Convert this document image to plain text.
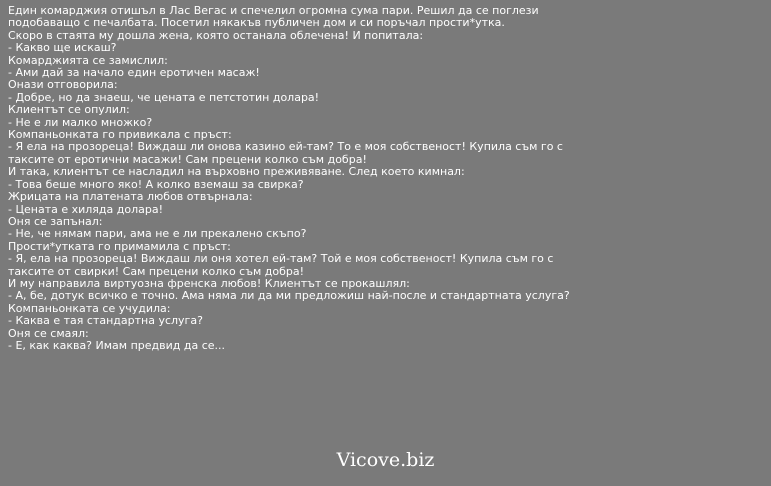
Един комарджия отишъл в Лас Вегас и спечелил огромна сума пари. Решил да се поглези
подобаващо с печалбата. Посетил някакъв публичен дом и си поръчал прости*утка.
Скоро в стаята му дошла жена, която останала облечена! И попитала:
- Какво ще искаш?
Комарджията се замислил:
- Ами дай за начало един еротичен масаж!
Онази отговорила:
- Добре, но да знаеш, че цената е петстотин долара!
Клиентът се опулил:
- Не е ли малко множко?
Компаньонката го привикала с пръст:
- Я ела на прозореца! Виждаш ли онова казино ей-там? То е моя собственост! Купила съм го с
таксите от еротични масажи! Сам прецени колко съм добра!
И така, клиентът се насладил на върховно преживяване. След което кимнал:
- Това беше много яко! А колко вземаш за свирка?
Жрицата на платената любов отвърнала:
- Цената е хиляда долара!
Оня се запънал:
- Не, че нямам пари, ама не е ли прекалено скъпо?
Прости*утката го примамила с пръст:
- Я, ела на прозореца! Виждаш ли оня хотел ей-там? Той е моя собственост! Купила съм го с
таксите от свирки! Сам прецени колко съм добра!
И му направила виртуозна френска любов! Клиентът се прокашлял:
- А, бе, дотук всичко е точно. Ама няма ли да ми предложиш най-после и стандартната услуга?
Компаньонката се учудила:
- Каква е тая стандартна услуга?
Оня се смаял:
- Е, как каква? Имам предвид да се...
Vicove.biz
